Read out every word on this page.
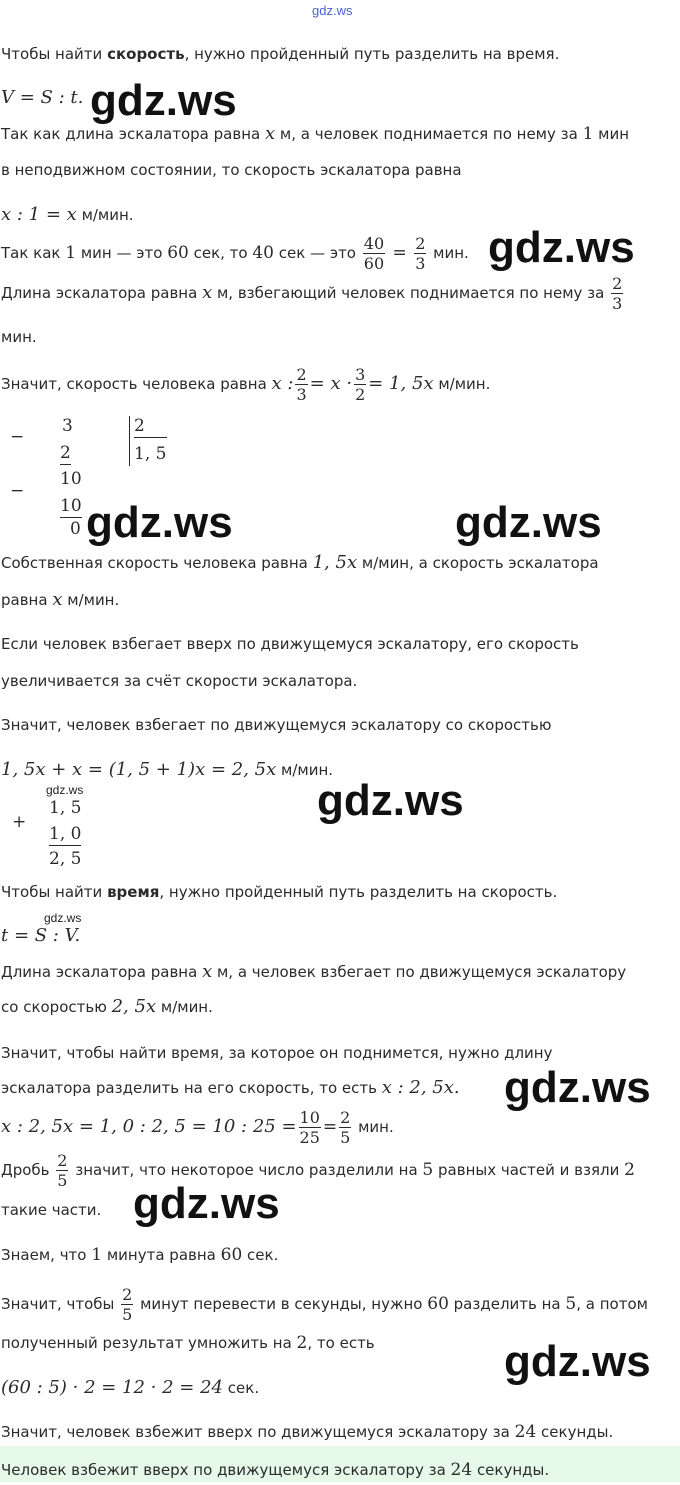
gdz.ws
gdz.ws
gdz.ws
gdz.ws	gdz.ws
gdz.ws
gdz.ws
gdz.ws
gdz.ws
gdz.ws
gdz.ws
Чтобы найти скорость, нужно пройденный путь разделить на время.
V = S : t.
Так как длина эскалатора равна x м, а человек поднимается по нему за 1 мин
в неподвижном состоянии, то скорость эскалатора равна
x : 1 = x м/мин.
Так как 1 мин — это 60 сек, то 40 сек — это $\frac{40}{60} = \frac{2}{3}$ мин.
Длина эскалатора равна x м, взбегающий человек поднимается по нему за $\frac{2}{3}$
мин.
Значит, скорость человека равна x : $\frac{2}{3} = x \cdot \frac{3}{2} = 1$, 5x м/мин.
−
3
2
−
10
10
0
2
1, 5
Собственная скорость человека равна 1, 5x м/мин, а скорость эскалатора
равна x м/мин.
Если человек взбегает вверх по движущемуся эскалатору, его скорость
увеличивается за счёт скорости эскалатора.
Значит, человек взбегает по движущемуся эскалатору со скоростью
1, 5x + x = (1, 5 + 1)x = 2, 5x м/мин.
+
1, 5
1, 0
2, 5
Чтобы найти время, нужно пройденный путь разделить на скорость.
t = S : V.
Длина эскалатора равна x м, а человек взбегает по движущемуся эскалатору
со скоростью 2, 5x м/мин.
Значит, чтобы найти время, за которое он поднимется, нужно длину
эскалатора разделить на его скорость, то есть x : 2, 5x.
x : 2, 5x = 1, 0 : 2, 5 = 10 : $25 = \frac{10}{25} = \frac{2}{5}$ мин.
Дробь $\frac{2}{5}$ значит, что некоторое число разделили на 5 равных частей и взяли 2
такие части.
Знаем, что 1 минута равна 60 сек.
Значит, чтобы $\frac{2}{5}$ минут перевести в секунды, нужно 60 разделить на 5, а потом
полученный результат умножить на 2, то есть
(60 : 5) · 2 = 12 · 2 = 24 сек.
Значит, человек взбежит вверх по движущемуся эскалатору за 24 секунды.
Человек взбежит вверх по движущемуся эскалатору за 24 секунды.
